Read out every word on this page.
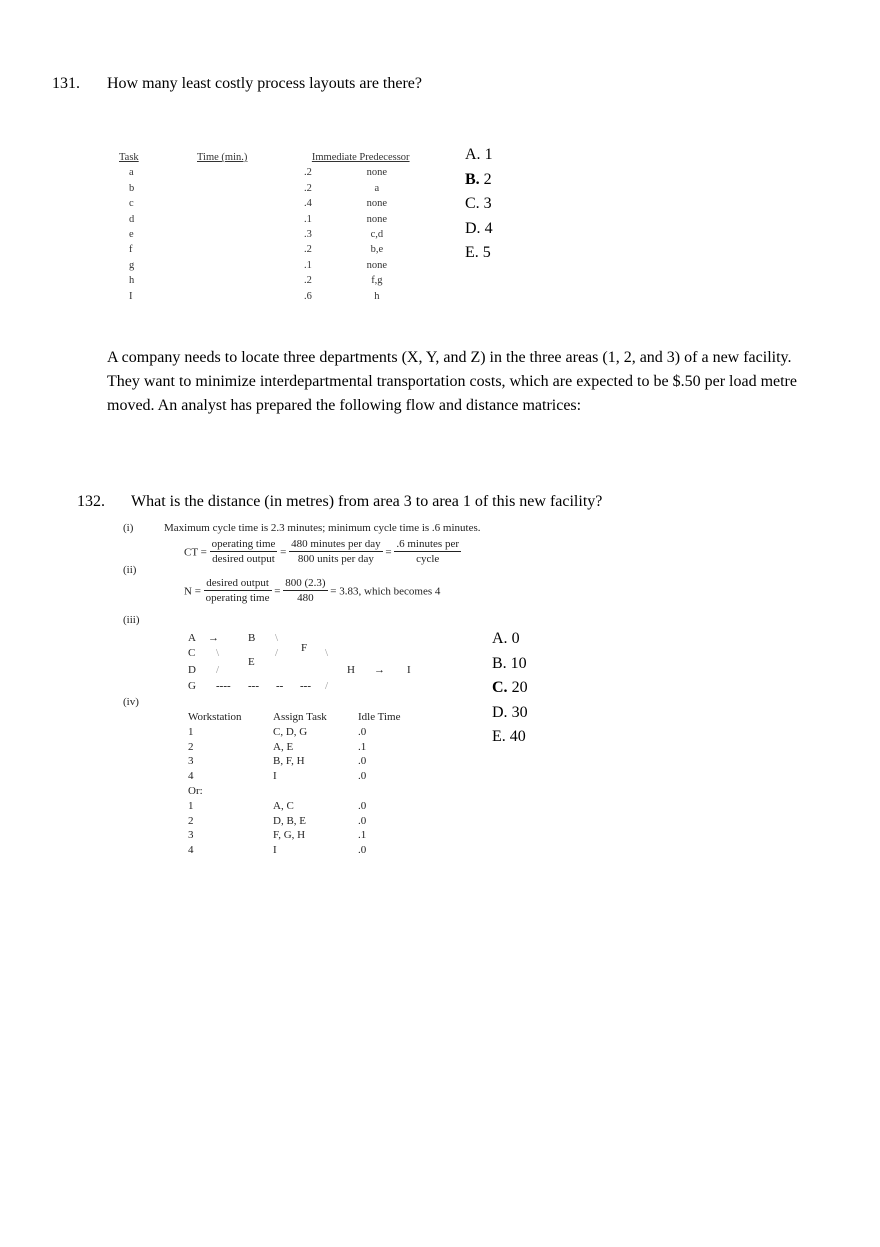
131. How many least costly process layouts are there?
Task	Time (min.)	Immediate Predecessor
a	.2	none
b	.2	a
c	.4	none
d	.1	none
e	.3	c,d
f	.2	b,e
g	.1	none
h	.2	f,g
I	.6	h
A. 1
B. 2
C. 3
D. 4
E. 5
A company needs to locate three departments (X, Y, and Z) in the three areas (1, 2, and 3) of a new facility. They want to minimize interdepartmental transportation costs, which are expected to be $.50 per load metre moved. An analyst has prepared the following flow and distance matrices:
132. What is the distance (in metres) from area 3 to area 1 of this new facility?
(i)
(ii)
(iii)
(iv)
Maximum cycle time is 2.3 minutes; minimum cycle time is .6 minutes.
CT = $\frac{\text{operating time}}{\text{desired output}} = \frac{\text{480 minutes per day}}{\text{800 units per day}} = \frac{\text{.6 minutes per}}{\text{cycle}}$
$N = \frac{\text{desired output}}{\text{operating time}} = \frac{800 (2.3)}{480} = 3.83$, which becomes 4
A →	B \
F
C \	/	\
E
D /	H → I
G ---- --- -- --- /
Workstation	Assign Task	Idle Time
1	C, D, G	.0
2	A, E	.1
3	B, F, H	.0
4	I	.0
Or:		
1	A, C	.0
2	D, B, E	.0
3	F, G, H	.1
4	I	.0
A. 0
B. 10
C. 20
D. 30
E. 40
